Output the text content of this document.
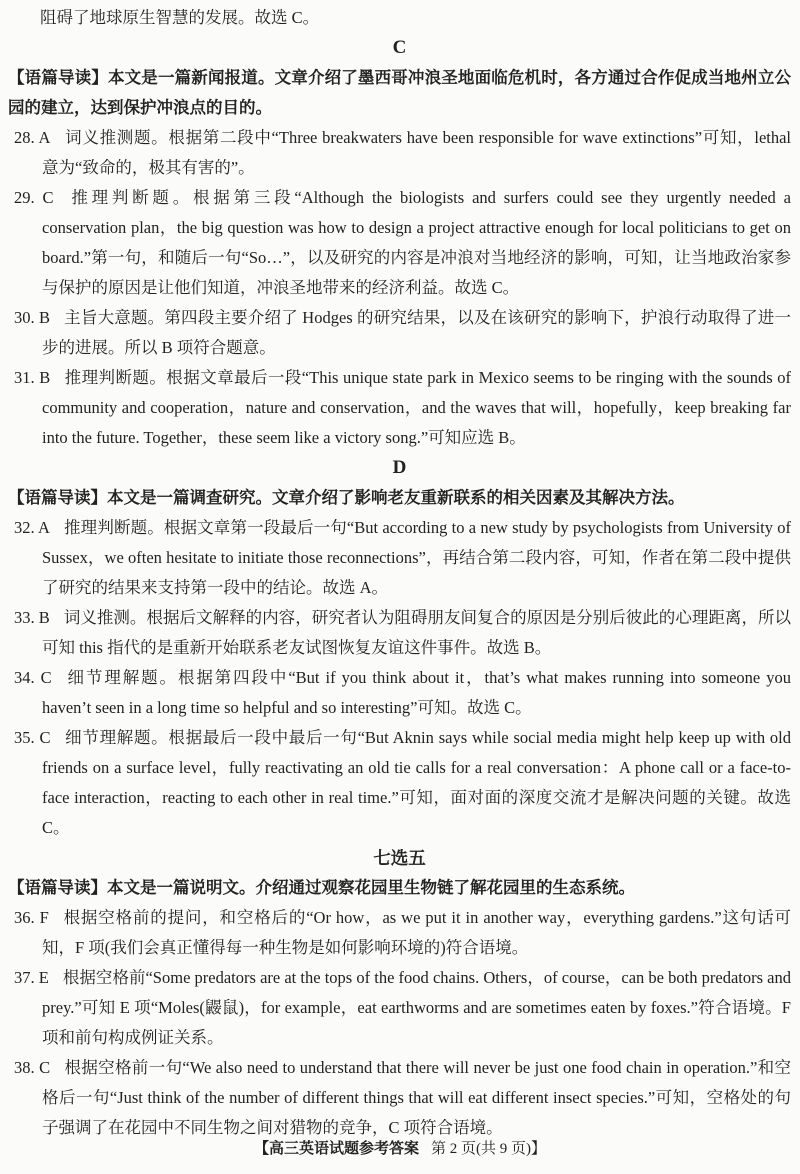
阻碍了地球原生智慧的发展。故选 C。

C

【语篇导读】本文是一篇新闻报道。文章介绍了墨西哥冲浪圣地面临危机时，各方通过合作促成当地州立公园的建立，达到保护冲浪点的目的。

28. A 词义推测题。根据第二段中“Three breakwaters have been responsible for wave extinctions”可知，lethal 意为“致命的，极其有害的”。

29. C 推理判断题。根据第三段“Although the biologists and surfers could see they urgently needed a conservation plan，the big question was how to design a project attractive enough for local politicians to get on board.”第一句，和随后一句“So…”，以及研究的内容是冲浪对当地经济的影响，可知，让当地政治家参与保护的原因是让他们知道，冲浪圣地带来的经济利益。故选 C。

30. B 主旨大意题。第四段主要介绍了 Hodges 的研究结果，以及在该研究的影响下，护浪行动取得了进一步的进展。所以 B 项符合题意。

31. B 推理判断题。根据文章最后一段“This unique state park in Mexico seems to be ringing with the sounds of community and cooperation，nature and conservation，and the waves that will，hopefully，keep breaking far into the future. Together，these seem like a victory song.”可知应选 B。

D

【语篇导读】本文是一篇调查研究。文章介绍了影响老友重新联系的相关因素及其解决方法。

32. A 推理判断题。根据文章第一段最后一句“But according to a new study by psychologists from University of Sussex，we often hesitate to initiate those reconnections”，再结合第二段内容，可知，作者在第二段中提供了研究的结果来支持第一段中的结论。故选 A。

33. B 词义推测。根据后文解释的内容，研究者认为阻碍朋友间复合的原因是分别后彼此的心理距离，所以可知 this 指代的是重新开始联系老友试图恢复友谊这件事件。故选 B。

34. C 细节理解题。根据第四段中“But if you think about it，that’s what makes running into someone you haven’t seen in a long time so helpful and so interesting”可知。故选 C。

35. C 细节理解题。根据最后一段中最后一句“But Aknin says while social media might help keep up with old friends on a surface level，fully reactivating an old tie calls for a real conversation：A phone call or a face-to-face interaction，reacting to each other in real time.”可知，面对面的深度交流才是解决问题的关键。故选 C。

七选五

【语篇导读】本文是一篇说明文。介绍通过观察花园里生物链了解花园里的生态系统。

36. F 根据空格前的提问，和空格后的“Or how，as we put it in another way，everything gardens.”这句话可知，F 项(我们会真正懂得每一种生物是如何影响环境的)符合语境。

37. E 根据空格前“Some predators are at the tops of the food chains. Others，of course，can be both predators and prey.”可知 E 项“Moles(鼹鼠)，for example，eat earthworms and are sometimes eaten by foxes.”符合语境。F 项和前句构成例证关系。

38. C 根据空格前一句“We also need to understand that there will never be just one food chain in operation.”和空格后一句“Just think of the number of different things that will eat different insect species.”可知，空格处的句子强调了在花园中不同生物之间对猎物的竞争，C 项符合语境。

【高三英语试题参考答案 第 2 页(共 9 页)】
